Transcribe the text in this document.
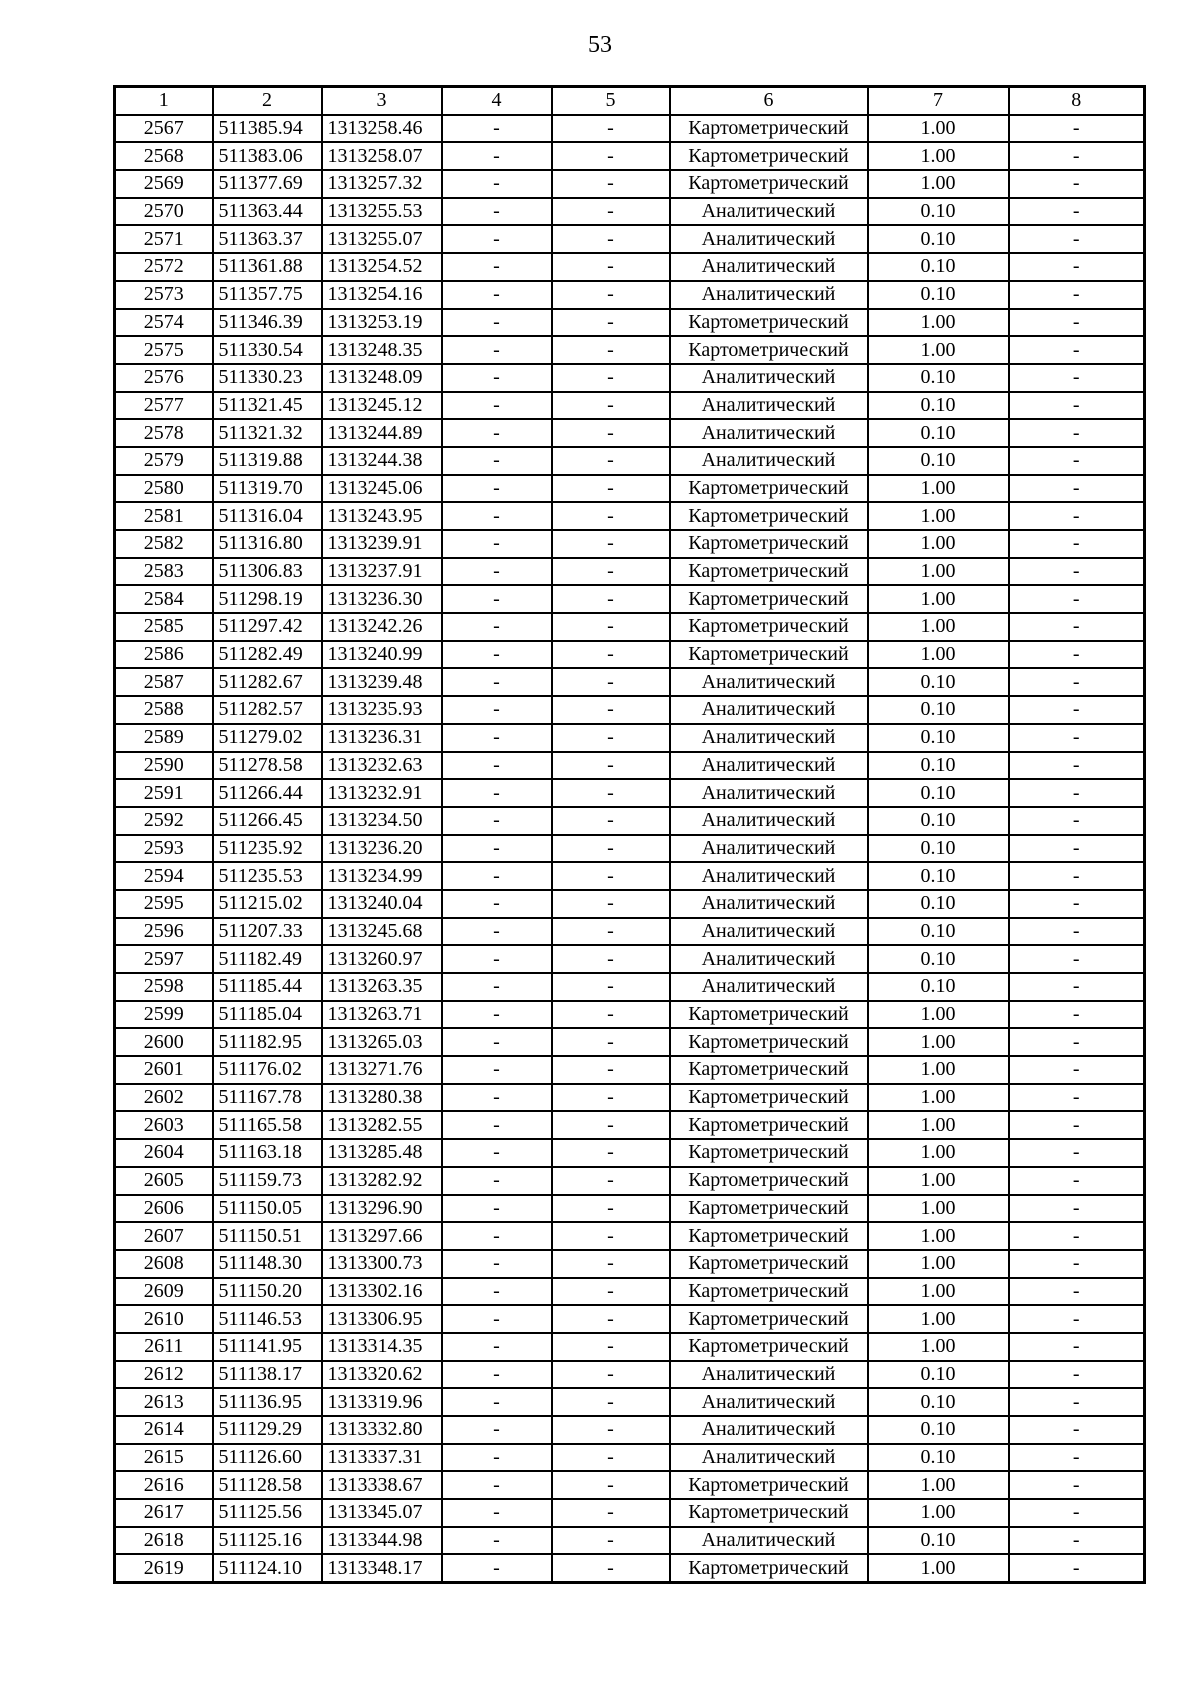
53
1	2	3	4	5	6	7	8
2567	511385.94	1313258.46	-	-	Картометрический	1.00	-
2568	511383.06	1313258.07	-	-	Картометрический	1.00	-
2569	511377.69	1313257.32	-	-	Картометрический	1.00	-
2570	511363.44	1313255.53	-	-	Аналитический	0.10	-
2571	511363.37	1313255.07	-	-	Аналитический	0.10	-
2572	511361.88	1313254.52	-	-	Аналитический	0.10	-
2573	511357.75	1313254.16	-	-	Аналитический	0.10	-
2574	511346.39	1313253.19	-	-	Картометрический	1.00	-
2575	511330.54	1313248.35	-	-	Картометрический	1.00	-
2576	511330.23	1313248.09	-	-	Аналитический	0.10	-
2577	511321.45	1313245.12	-	-	Аналитический	0.10	-
2578	511321.32	1313244.89	-	-	Аналитический	0.10	-
2579	511319.88	1313244.38	-	-	Аналитический	0.10	-
2580	511319.70	1313245.06	-	-	Картометрический	1.00	-
2581	511316.04	1313243.95	-	-	Картометрический	1.00	-
2582	511316.80	1313239.91	-	-	Картометрический	1.00	-
2583	511306.83	1313237.91	-	-	Картометрический	1.00	-
2584	511298.19	1313236.30	-	-	Картометрический	1.00	-
2585	511297.42	1313242.26	-	-	Картометрический	1.00	-
2586	511282.49	1313240.99	-	-	Картометрический	1.00	-
2587	511282.67	1313239.48	-	-	Аналитический	0.10	-
2588	511282.57	1313235.93	-	-	Аналитический	0.10	-
2589	511279.02	1313236.31	-	-	Аналитический	0.10	-
2590	511278.58	1313232.63	-	-	Аналитический	0.10	-
2591	511266.44	1313232.91	-	-	Аналитический	0.10	-
2592	511266.45	1313234.50	-	-	Аналитический	0.10	-
2593	511235.92	1313236.20	-	-	Аналитический	0.10	-
2594	511235.53	1313234.99	-	-	Аналитический	0.10	-
2595	511215.02	1313240.04	-	-	Аналитический	0.10	-
2596	511207.33	1313245.68	-	-	Аналитический	0.10	-
2597	511182.49	1313260.97	-	-	Аналитический	0.10	-
2598	511185.44	1313263.35	-	-	Аналитический	0.10	-
2599	511185.04	1313263.71	-	-	Картометрический	1.00	-
2600	511182.95	1313265.03	-	-	Картометрический	1.00	-
2601	511176.02	1313271.76	-	-	Картометрический	1.00	-
2602	511167.78	1313280.38	-	-	Картометрический	1.00	-
2603	511165.58	1313282.55	-	-	Картометрический	1.00	-
2604	511163.18	1313285.48	-	-	Картометрический	1.00	-
2605	511159.73	1313282.92	-	-	Картометрический	1.00	-
2606	511150.05	1313296.90	-	-	Картометрический	1.00	-
2607	511150.51	1313297.66	-	-	Картометрический	1.00	-
2608	511148.30	1313300.73	-	-	Картометрический	1.00	-
2609	511150.20	1313302.16	-	-	Картометрический	1.00	-
2610	511146.53	1313306.95	-	-	Картометрический	1.00	-
2611	511141.95	1313314.35	-	-	Картометрический	1.00	-
2612	511138.17	1313320.62	-	-	Аналитический	0.10	-
2613	511136.95	1313319.96	-	-	Аналитический	0.10	-
2614	511129.29	1313332.80	-	-	Аналитический	0.10	-
2615	511126.60	1313337.31	-	-	Аналитический	0.10	-
2616	511128.58	1313338.67	-	-	Картометрический	1.00	-
2617	511125.56	1313345.07	-	-	Картометрический	1.00	-
2618	511125.16	1313344.98	-	-	Аналитический	0.10	-
2619	511124.10	1313348.17	-	-	Картометрический	1.00	-
